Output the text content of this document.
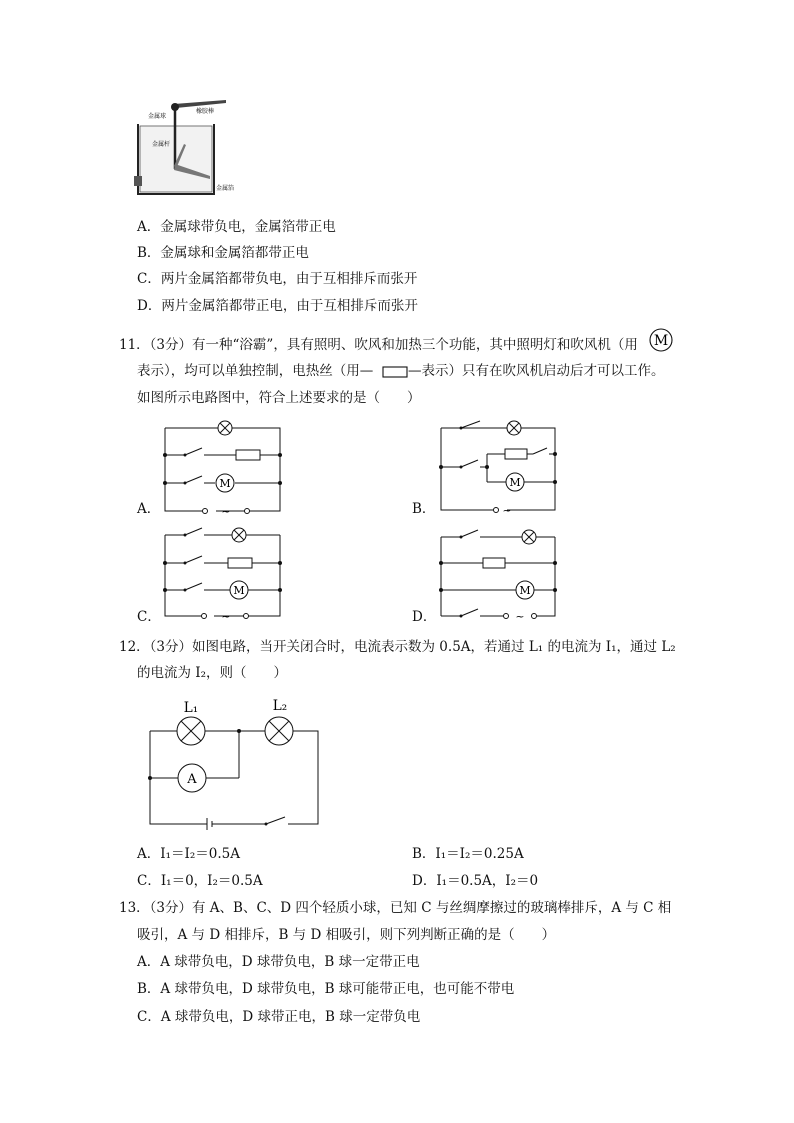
金属球
橡胶棒
金属杆
金属箔
A．金属球带负电，金属箔带正电
B．金属球和金属箔都带正电
C．两片金属箔都带负电，由于互相排斥而张开
D．两片金属箔都带正电，由于互相排斥而张开
11．（3分）有一种“浴霸”，具有照明、吹风和加热三个功能，其中照明灯和吹风机（用 M
表示），均可以单独控制，电热丝（用—	—表示）只有在吹风机启动后才可以工作。
如图所示电路图中，符合上述要求的是（　　）
M
~
A．
M
~
B．
M
~
C．
M
~
D．
12．（3分）如图电路，当开关闭合时，电流表示数为 0.5A，若通过 L₁ 的电流为 I₁，通过 L₂
的电流为 I₂，则（　　）
A
L₁	L₂
A．I₁＝I₂＝0.5A	B．I₁＝I₂＝0.25A
C．I₁＝0，I₂＝0.5A	D．I₁＝0.5A，I₂＝0
13．（3分）有 A、B、C、D 四个轻质小球，已知 C 与丝绸摩擦过的玻璃棒排斥，A 与 C 相
吸引，A 与 D 相排斥，B 与 D 相吸引，则下列判断正确的是（　　）
A．A 球带负电，D 球带负电，B 球一定带正电
B．A 球带负电，D 球带负电，B 球可能带正电，也可能不带电
C．A 球带负电，D 球带正电，B 球一定带负电
